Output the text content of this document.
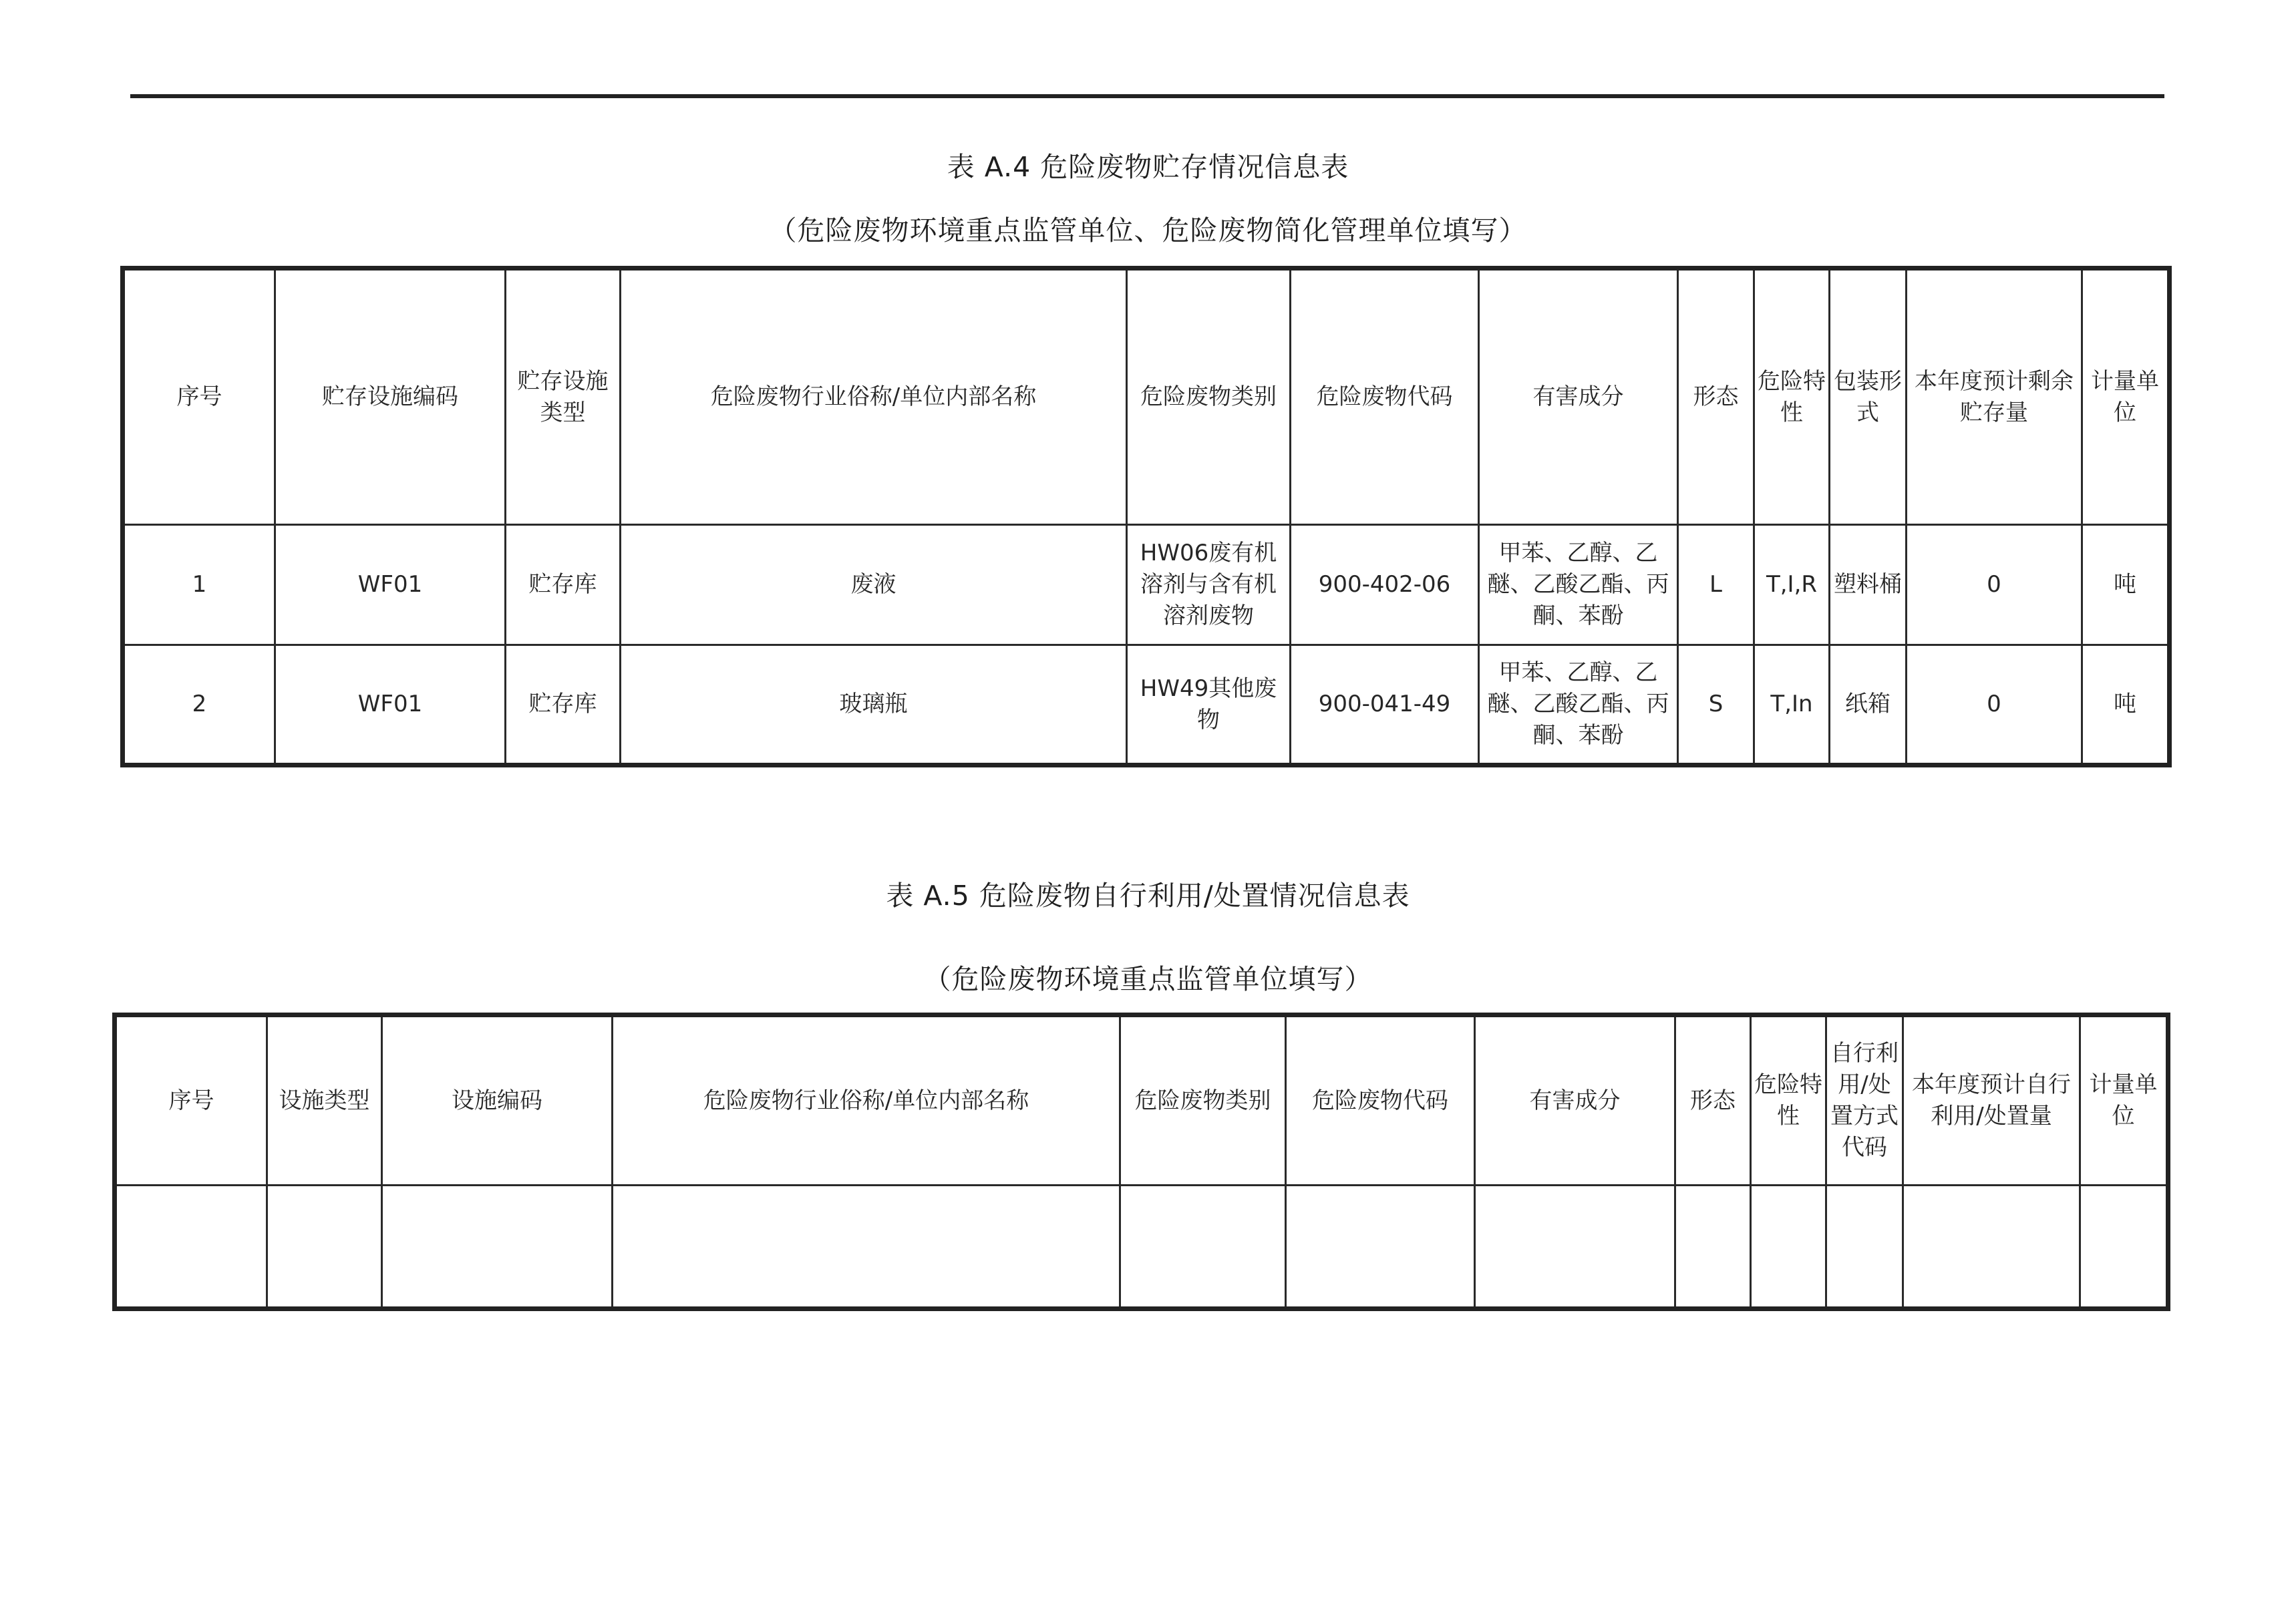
表 A.4 危险废物贮存情况信息表
（危险废物环境重点监管单位、危险废物简化管理单位填写）
序号	贮存设施编码	贮存设施类型	危险废物行业俗称/单位内部名称	危险废物类别	危险废物代码	有害成分	形态	危险特性	包装形式	本年度预计剩余贮存量	计量单位
1	WF01	贮存库	废液	HW06废有机溶剂与含有机溶剂废物	900-402-06	甲苯、乙醇、乙醚、乙酸乙酯、丙酮、苯酚	L	T,I,R	塑料桶	0	吨
2	WF01	贮存库	玻璃瓶	HW49其他废物	900-041-49	甲苯、乙醇、乙醚、乙酸乙酯、丙酮、苯酚	S	T,In	纸箱	0	吨
表 A.5 危险废物自行利用/处置情况信息表
（危险废物环境重点监管单位填写）
序号	设施类型	设施编码	危险废物行业俗称/单位内部名称	危险废物类别	危险废物代码	有害成分	形态	危险特性	自行利用/处置方式代码	本年度预计自行利用/处置量	计量单位
